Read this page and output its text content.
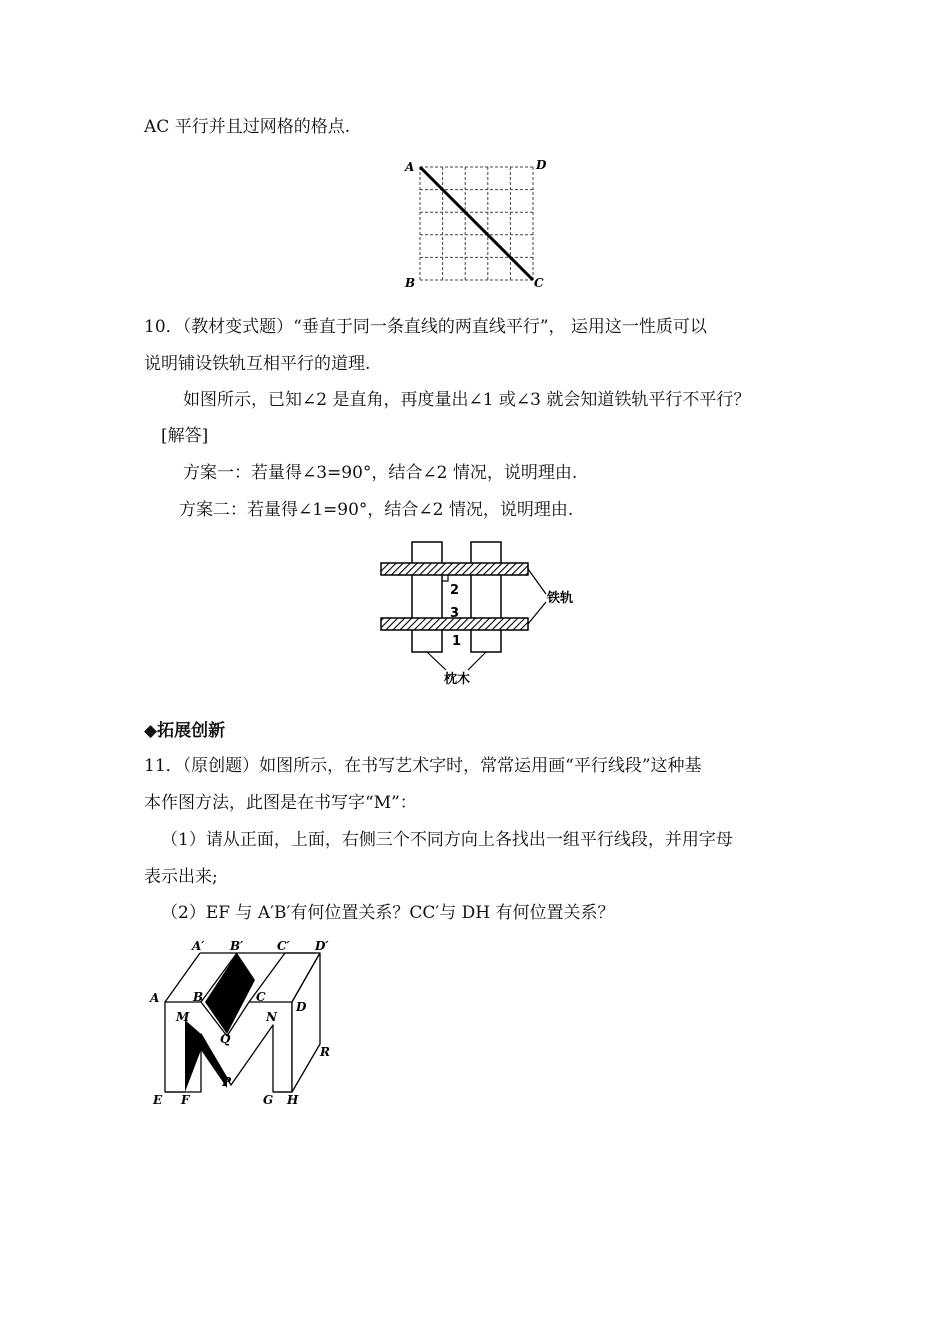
AC 平行并且过网格的格点.
A	D
B	C
10．（教材变式题）“垂直于同一条直线的两直线平行”， 运用这一性质可以
说明铺设铁轨互相平行的道理.
如图所示，已知∠2 是直角，再度量出∠1 或∠3 就会知道铁轨平行不平行？
[解答]
方案一：若量得∠3=90°，结合∠2 情况，说明理由.
方案二：若量得∠1=90°，结合∠2 情况，说明理由.
2
3
1
铁轨
枕木
◆拓展创新
11．（原创题）如图所示，在书写艺术字时，常常运用画“平行线段”这种基
本作图方法，此图是在书写字“M”：
（1）请从正面，上面，右侧三个不同方向上各找出一组平行线段，并用字母
表示出来;
（2）EF 与 A′B′有何位置关系？CC′与 DH 有何位置关系？
A′ B′	C′ D′
A	B	C
D
M	N
Q
R
P
E F	G H
